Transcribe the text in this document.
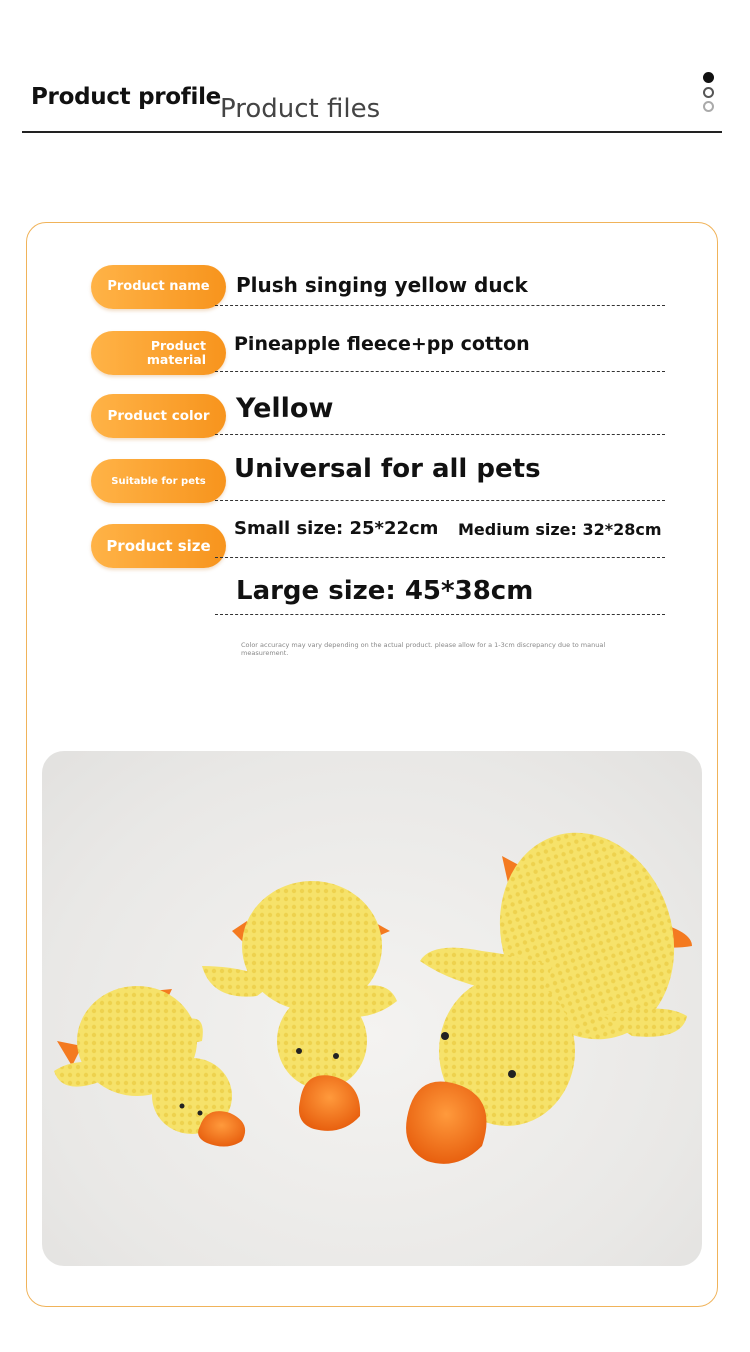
Product profile Product files
Product name	Plush singing yellow duck
Product material
Pineapple fleece+pp cotton
Product color Yellow
Suitable for pets	Universal for all pets
Product size
Small size: 25*22cm Medium size: 32*28cm
Large size: 45*38cm
Color accuracy may vary depending on the actual product. please allow for a 1-3cm discrepancy due to manual measurement.
